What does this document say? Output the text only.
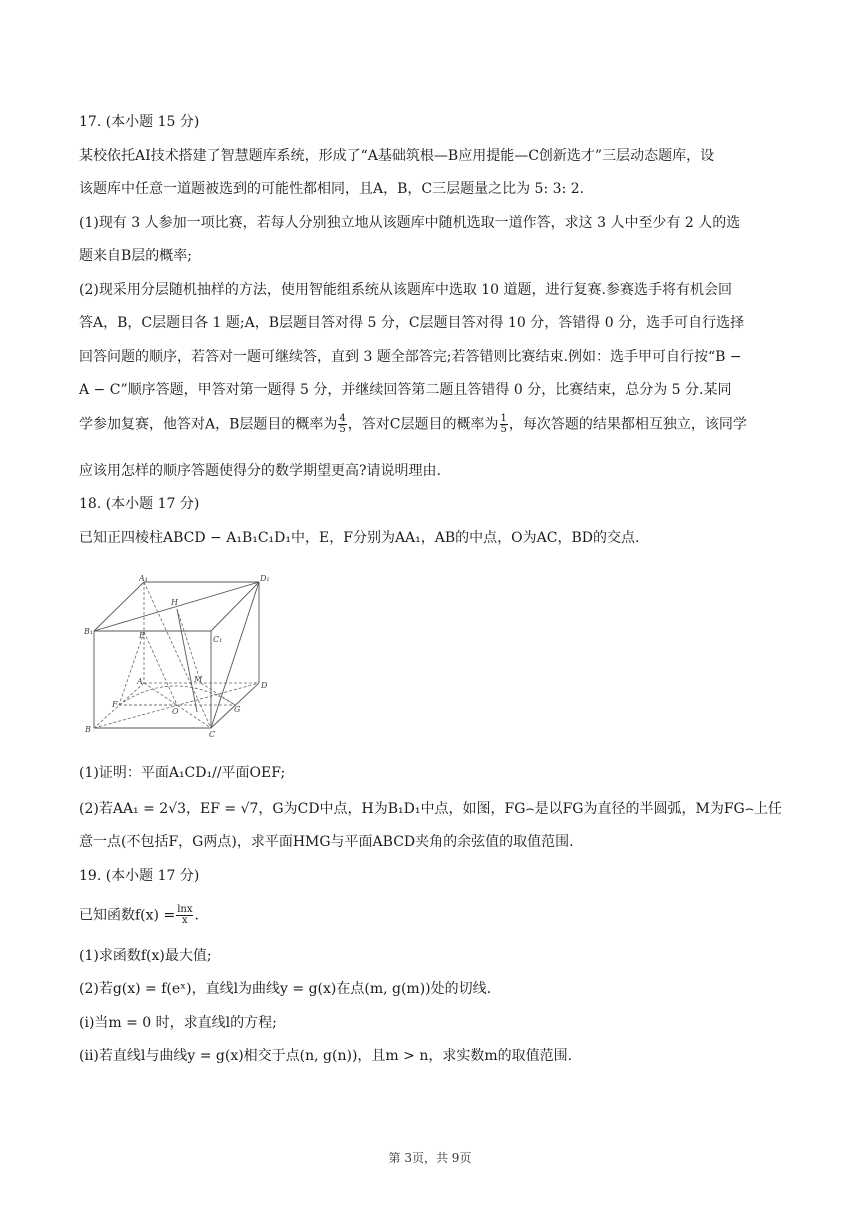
17. (本小题 15 分)
某校依托AI技术搭建了智慧题库系统，形成了“A基础筑根—B应用提能—C创新选才”三层动态题库，设
该题库中任意一道题被选到的可能性都相同，且A，B，C三层题量之比为 5: 3: 2.
(1)现有 3 人参加一项比赛，若每人分别独立地从该题库中随机选取一道作答，求这 3 人中至少有 2 人的选
题来自B层的概率;
(2)现采用分层随机抽样的方法，使用智能组系统从该题库中选取 10 道题，进行复赛.参赛选手将有机会回
答A，B，C层题目各 1 题;A，B层题目答对得 5 分，C层题目答对得 10 分，答错得 0 分，选手可自行选择
回答问题的顺序，若答对一题可继续答，直到 3 题全部答完;若答错则比赛结束.例如：选手甲可自行按“B −
A − C”顺序答题，甲答对第一题得 5 分，并继续回答第二题且答错得 0 分，比赛结束，总分为 5 分.某同
学参加复赛，他答对A，B层题目的概率为 $\frac{4}{5}$ ，答对C层题目的概率为 $\frac{1}{5}$ ，每次答题的结果都相互独立，该同学
应该用怎样的顺序答题使得分的数学期望更高?请说明理由.
18. (本小题 17 分)
已知正四棱柱ABCD − A₁B₁C₁D₁中，E，F分别为AA₁，AB的中点，O为AC，BD的交点.
A₁	D₁
H
B₁
C₁
E
A	M
D
F
O	G
B
C
(1)证明：平面A₁CD₁//平面OEF;
(2)若AA₁ = 2√3，EF = √7，G为CD中点，H为B₁D₁中点，如图，FG⌢是以FG为直径的半圆弧，M为FG⌢上任
意一点(不包括F，G两点)，求平面HMG与平面ABCD夹角的余弦值的取值范围.
19. (本小题 17 分)
已知函数$f(x) = \frac{\ln x}{x}$ .
(1)求函数f(x)最大值;
(2)若g(x) = f(eˣ)，直线l为曲线y = g(x)在点(m, g(m))处的切线.
(i)当m = 0 时，求直线l的方程;
(ii)若直线l与曲线y = g(x)相交于点(n, g(n))，且m > n，求实数m的取值范围.
第 3页，共 9页
